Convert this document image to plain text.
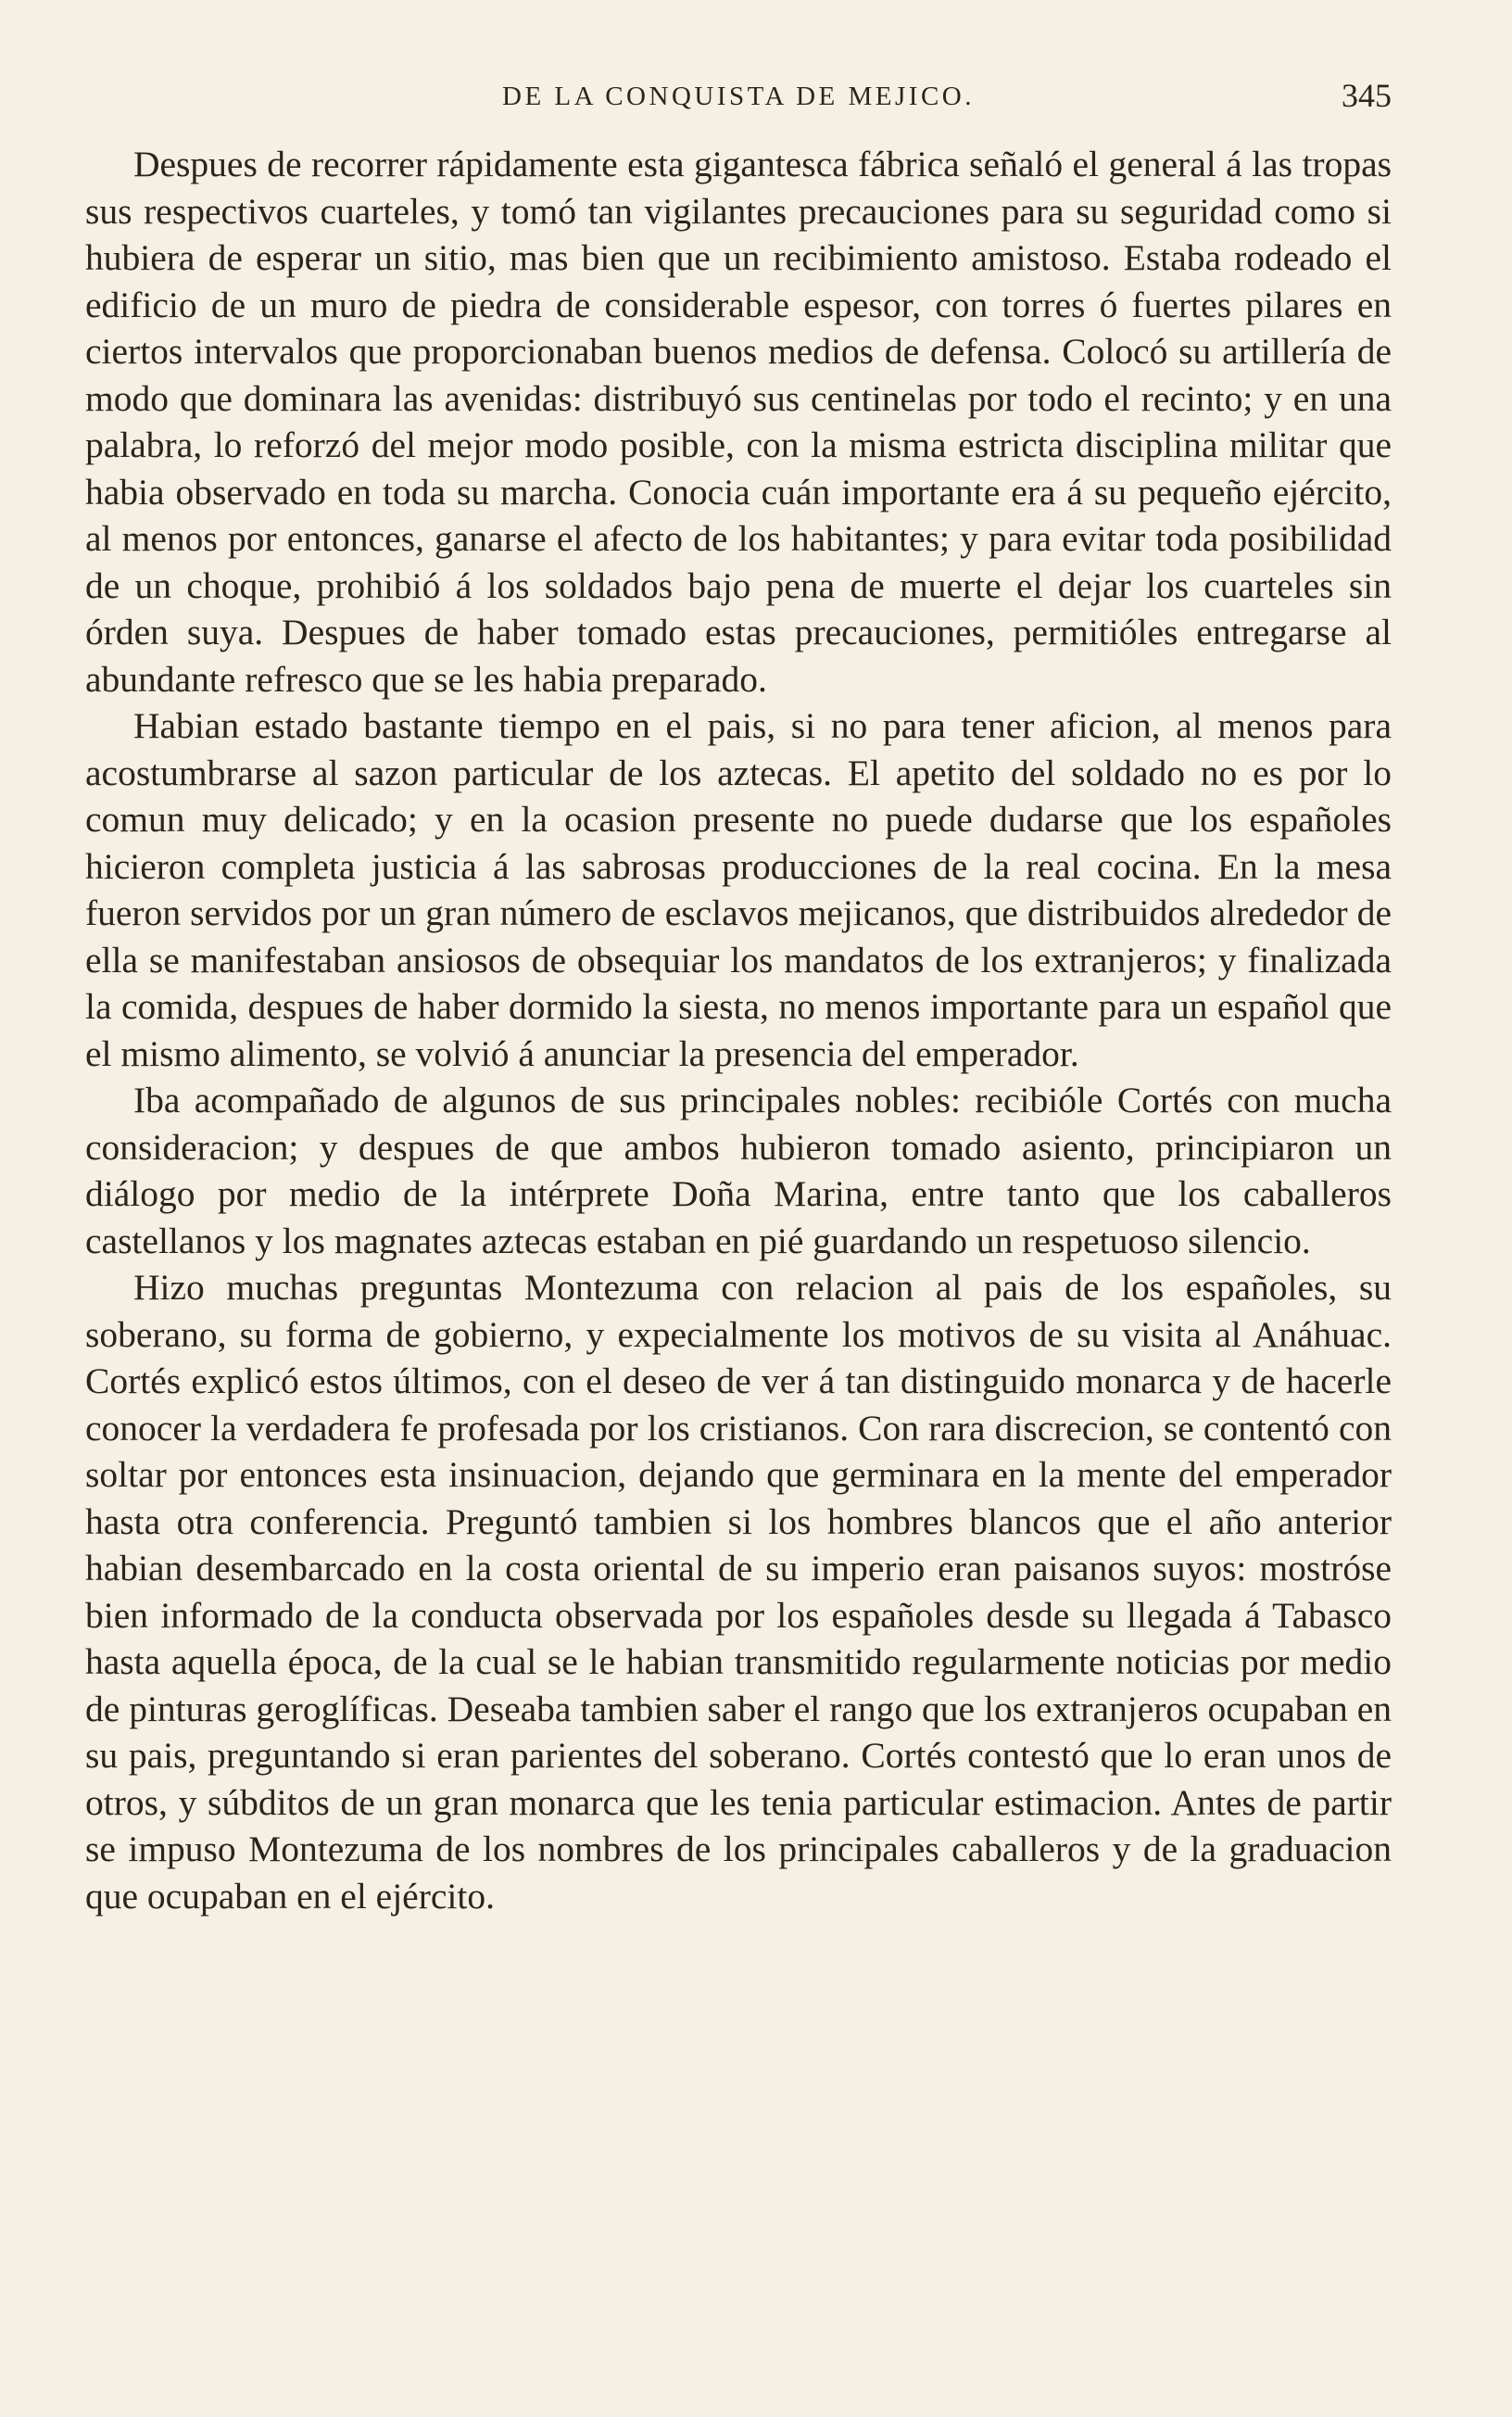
DE LA CONQUISTA DE MEJICO.	345

Despues de recorrer rápidamente esta gigantesca fábrica señaló el general á las tropas sus respectivos cuarteles, y tomó tan vigilantes precauciones para su seguridad como si hubiera de esperar un sitio, mas bien que un recibimiento amistoso. Estaba rodeado el edificio de un muro de piedra de considerable espesor, con torres ó fuertes pilares en ciertos intervalos que proporcionaban buenos medios de defensa. Colocó su artillería de modo que dominara las avenidas: distribuyó sus centinelas por todo el recinto; y en una palabra, lo reforzó del mejor modo posible, con la misma estricta disciplina militar que habia observado en toda su marcha. Conocia cuán importante era á su pequeño ejército, al menos por entonces, ganarse el afecto de los habitantes; y para evitar toda posibilidad de un choque, prohibió á los soldados bajo pena de muerte el dejar los cuarteles sin órden suya. Despues de haber tomado estas precauciones, permitióles entregarse al abundante refresco que se les habia preparado.

Habian estado bastante tiempo en el pais, si no para tener aficion, al menos para acostumbrarse al sazon particular de los aztecas. El apetito del soldado no es por lo comun muy delicado; y en la ocasion presente no puede dudarse que los españoles hicieron completa justicia á las sabrosas producciones de la real cocina. En la mesa fueron servidos por un gran número de esclavos mejicanos, que distribuidos alrededor de ella se manifestaban ansiosos de obsequiar los mandatos de los extranjeros; y finalizada la comida, despues de haber dormido la siesta, no menos importante para un español que el mismo alimento, se volvió á anunciar la presencia del emperador.

Iba acompañado de algunos de sus principales nobles: recibióle Cortés con mucha consideracion; y despues de que ambos hubieron tomado asiento, principiaron un diálogo por medio de la intérprete Doña Marina, entre tanto que los caballeros castellanos y los magnates aztecas estaban en pié guardando un respetuoso silencio.

Hizo muchas preguntas Montezuma con relacion al pais de los españoles, su soberano, su forma de gobierno, y expecialmente los motivos de su visita al Anáhuac. Cortés explicó estos últimos, con el deseo de ver á tan distinguido monarca y de hacerle conocer la verdadera fe profesada por los cristianos. Con rara discrecion, se contentó con soltar por entonces esta insinuacion, dejando que germinara en la mente del emperador hasta otra conferencia. Preguntó tambien si los hombres blancos que el año anterior habian desembarcado en la costa oriental de su imperio eran paisanos suyos: mostróse bien informado de la conducta observada por los españoles desde su llegada á Tabasco hasta aquella época, de la cual se le habian transmitido regularmente noticias por medio de pinturas geroglíficas. Deseaba tambien saber el rango que los extranjeros ocupaban en su pais, preguntando si eran parientes del soberano. Cortés contestó que lo eran unos de otros, y súbditos de un gran monarca que les tenia particular estimacion. Antes de partir se impuso Montezuma de los nombres de los principales caballeros y de la graduacion que ocupaban en el ejército.
